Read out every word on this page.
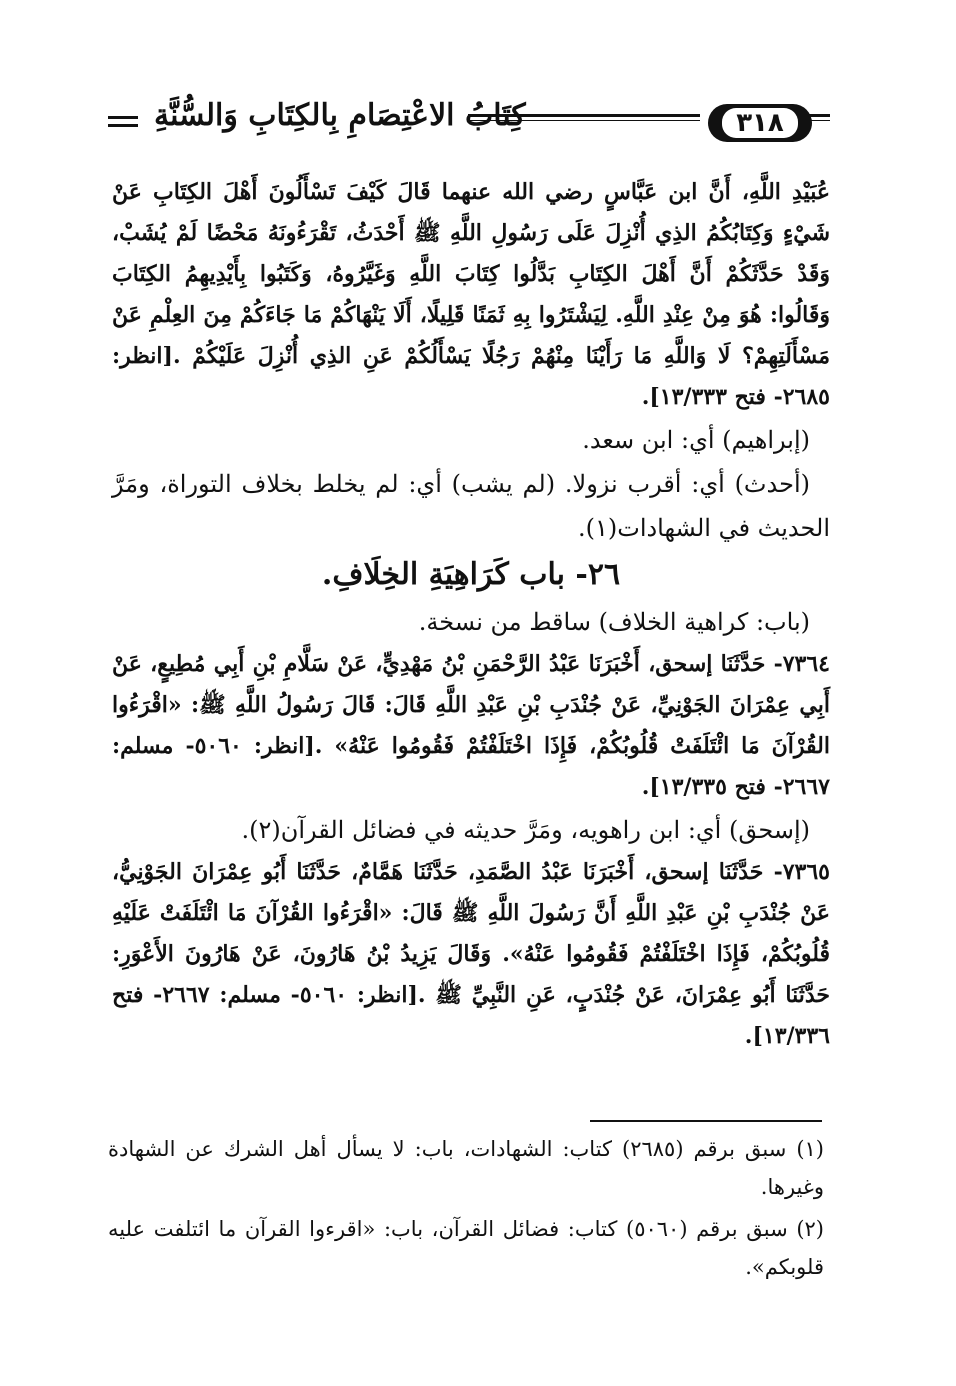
كِتَابُ الاعْتِصَامِ بِالكِتَابِ وَالسُّنَّةِ	٣١٨

عُبَيْدِ اللَّهِ، أَنَّ ابن عَبَّاسٍ رضي الله عنهما قَالَ كَيْفَ تَسْأَلُونَ أَهْلَ الكِتَابِ عَنْ شَيْءٍ وَكِتَابُكُمُ الذِي أُنْزِلَ عَلَى رَسُولِ اللَّهِ ﷺ أَحْدَثُ، تَقْرَءُونَهُ مَحْضًا لَمْ يُشَبْ، وَقَدْ حَدَّثَكُمْ أَنَّ أَهْلَ الكِتَابِ بَدَّلُوا كِتَابَ اللَّهِ وَغَيَّرُوهُ، وَكَتَبُوا بِأَيْدِيهِمُ الكِتَابَ وَقَالُوا: هُوَ مِنْ عِنْدِ اللَّهِ. لِيَشْتَرُوا بِهِ ثَمَنًا قَلِيلًا، أَلَا يَنْهَاكُمْ مَا جَاءَكُمْ مِنَ العِلْمِ عَنْ مَسْأَلَتِهِمْ؟ لَا وَاللَّهِ مَا رَأَيْنَا مِنْهُمْ رَجُلًا يَسْأَلُكُمْ عَنِ الذِي أُنْزِلَ عَلَيْكُمْ .[انظر: ٢٦٨٥- فتح ١٣/٣٣٣].

(إبراهيم) أي: ابن سعد.

(أحدث) أي: أقرب نزولا. (لم يشب) أي: لم يخلط بخلاف التوراة، ومَرَّ الحديث في الشهادات(١).

٢٦- باب كَرَاهِيَةِ الخِلَافِ.

(باب: كراهية الخلاف) ساقط من نسخة.

٧٣٦٤- حَدَّثَنَا إسحق، أَخْبَرَنَا عَبْدُ الرَّحْمَنِ بْنُ مَهْدِيٍّ، عَنْ سَلَّامِ بْنِ أَبِي مُطِيعٍ، عَنْ أَبِي عِمْرَانَ الجَوْنِيِّ، عَنْ جُنْدَبِ بْنِ عَبْدِ اللَّهِ قَالَ: قَالَ رَسُولُ اللَّهِ ﷺ: «اقْرَءُوا القُرْآنَ مَا ائْتَلَفَتْ قُلُوبُكُمْ، فَإِذَا اخْتَلَفْتُمْ فَقُومُوا عَنْهُ» .[انظر: ٥٠٦٠- مسلم: ٢٦٦٧- فتح ١٣/٣٣٥].

(إسحق) أي: ابن راهويه، ومَرَّ حديثه في فضائل القرآن(٢).

٧٣٦٥- حَدَّثَنَا إسحق، أَخْبَرَنَا عَبْدُ الصَّمَدِ، حَدَّثَنَا هَمَّامٌ، حَدَّثَنَا أَبُو عِمْرَانَ الجَوْنِيُّ، عَنْ جُنْدَبِ بْنِ عَبْدِ اللَّهِ أَنَّ رَسُولَ اللَّهِ ﷺ قَالَ: «اقْرَءُوا القُرْآنَ مَا ائْتَلَفَتْ عَلَيْهِ قُلُوبُكُمْ، فَإِذَا اخْتَلَفْتُمْ فَقُومُوا عَنْهُ». وَقَالَ يَزِيدُ بْنُ هَارُونَ، عَنْ هَارُونَ الأَعْوَرِ: حَدَّثَنَا أَبُو عِمْرَانَ، عَنْ جُنْدَبٍ، عَنِ النَّبِيِّ ﷺ .[انظر: ٥٠٦٠- مسلم: ٢٦٦٧- فتح ١٣/٣٣٦].

(١) سبق برقم (٢٦٨٥) كتاب: الشهادات، باب: لا يسأل أهل الشرك عن الشهادة وغيرها.

(٢) سبق برقم (٥٠٦٠) كتاب: فضائل القرآن، باب: «اقرءوا القرآن ما ائتلفت عليه قلوبكم».
